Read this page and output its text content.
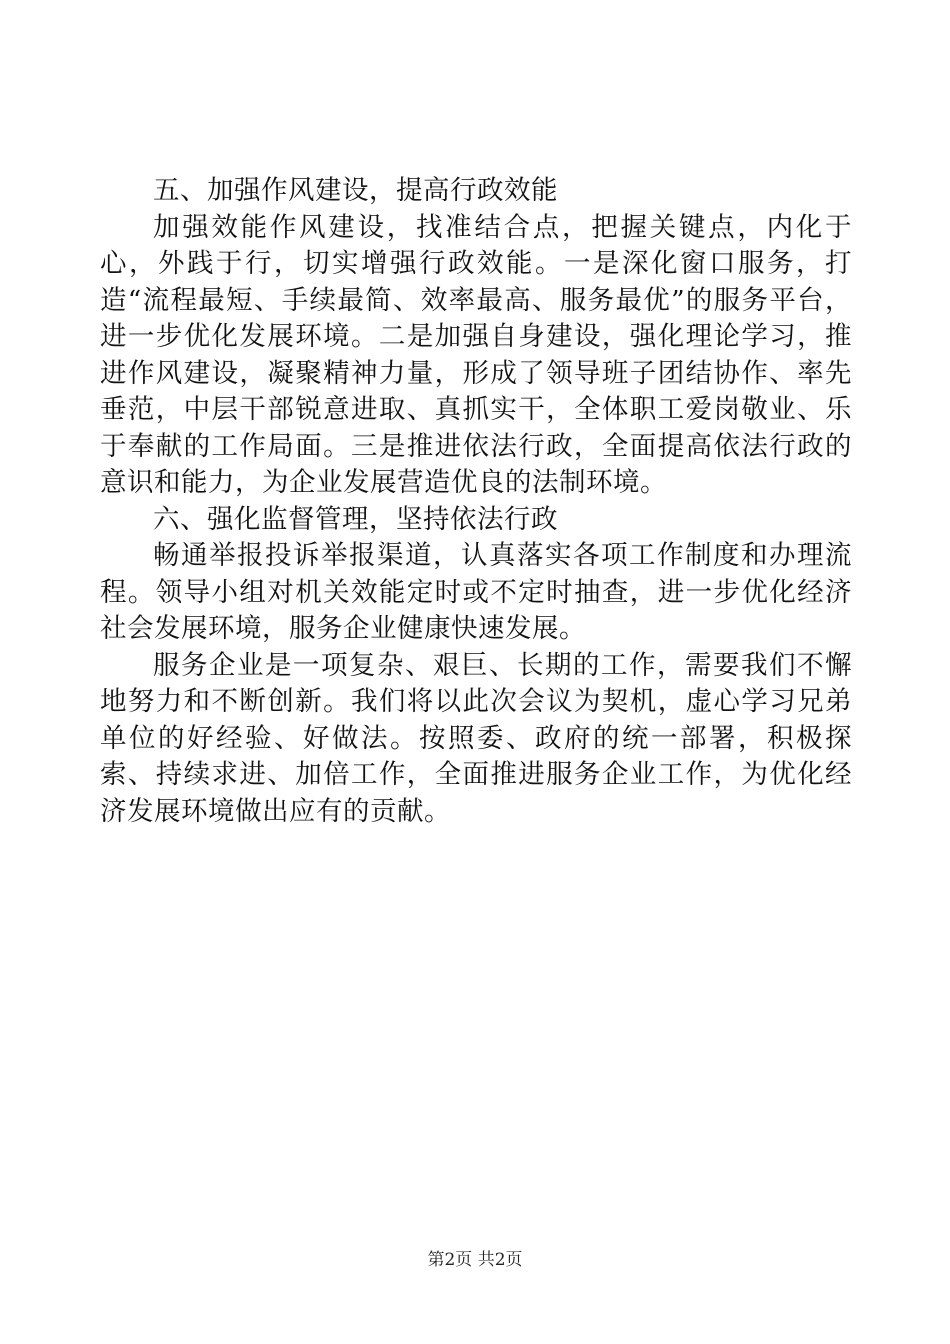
五、加强作风建设，提高行政效能

加强效能作风建设，找准结合点，把握关键点，内化于心，外践于行，切实增强行政效能。一是深化窗口服务，打造“流程最短、手续最简、效率最高、服务最优”的服务平台，进一步优化发展环境。二是加强自身建设，强化理论学习，推进作风建设，凝聚精神力量，形成了领导班子团结协作、率先垂范，中层干部锐意进取、真抓实干，全体职工爱岗敬业、乐于奉献的工作局面。三是推进依法行政，全面提高依法行政的意识和能力，为企业发展营造优良的法制环境。

六、强化监督管理，坚持依法行政

畅通举报投诉举报渠道，认真落实各项工作制度和办理流程。领导小组对机关效能定时或不定时抽查，进一步优化经济社会发展环境，服务企业健康快速发展。

服务企业是一项复杂、艰巨、长期的工作，需要我们不懈地努力和不断创新。我们将以此次会议为契机，虚心学习兄弟单位的好经验、好做法。按照委、政府的统一部署，积极探索、持续求进、加倍工作，全面推进服务企业工作，为优化经济发展环境做出应有的贡献。

第2页 共2页
